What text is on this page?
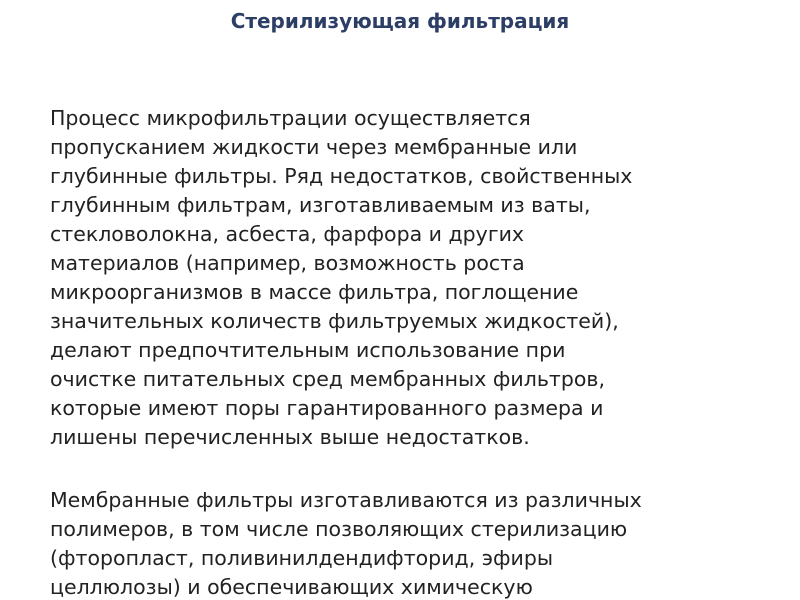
Стерилизующая фильтрация
Процесс микрофильтрации осуществляется
пропусканием жидкости через мембранные или
глубинные фильтры. Ряд недостатков, свойственных
глубинным фильтрам, изготавливаемым из ваты,
стекловолокна, асбеста, фарфора и других
материалов (например, возможность роста
микроорганизмов в массе фильтра, поглощение
значительных количеств фильтруемых жидкостей),
делают предпочтительным использование при
очистке питательных сред мембранных фильтров,
которые имеют поры гарантированного размера и
лишены перечисленных выше недостатков.
Мембранные фильтры изготавливаются из различных
полимеров, в том числе позволяющих стерилизацию
(фторопласт, поливинилдендифторид, эфиры
целлюлозы) и обеспечивающих химическую
